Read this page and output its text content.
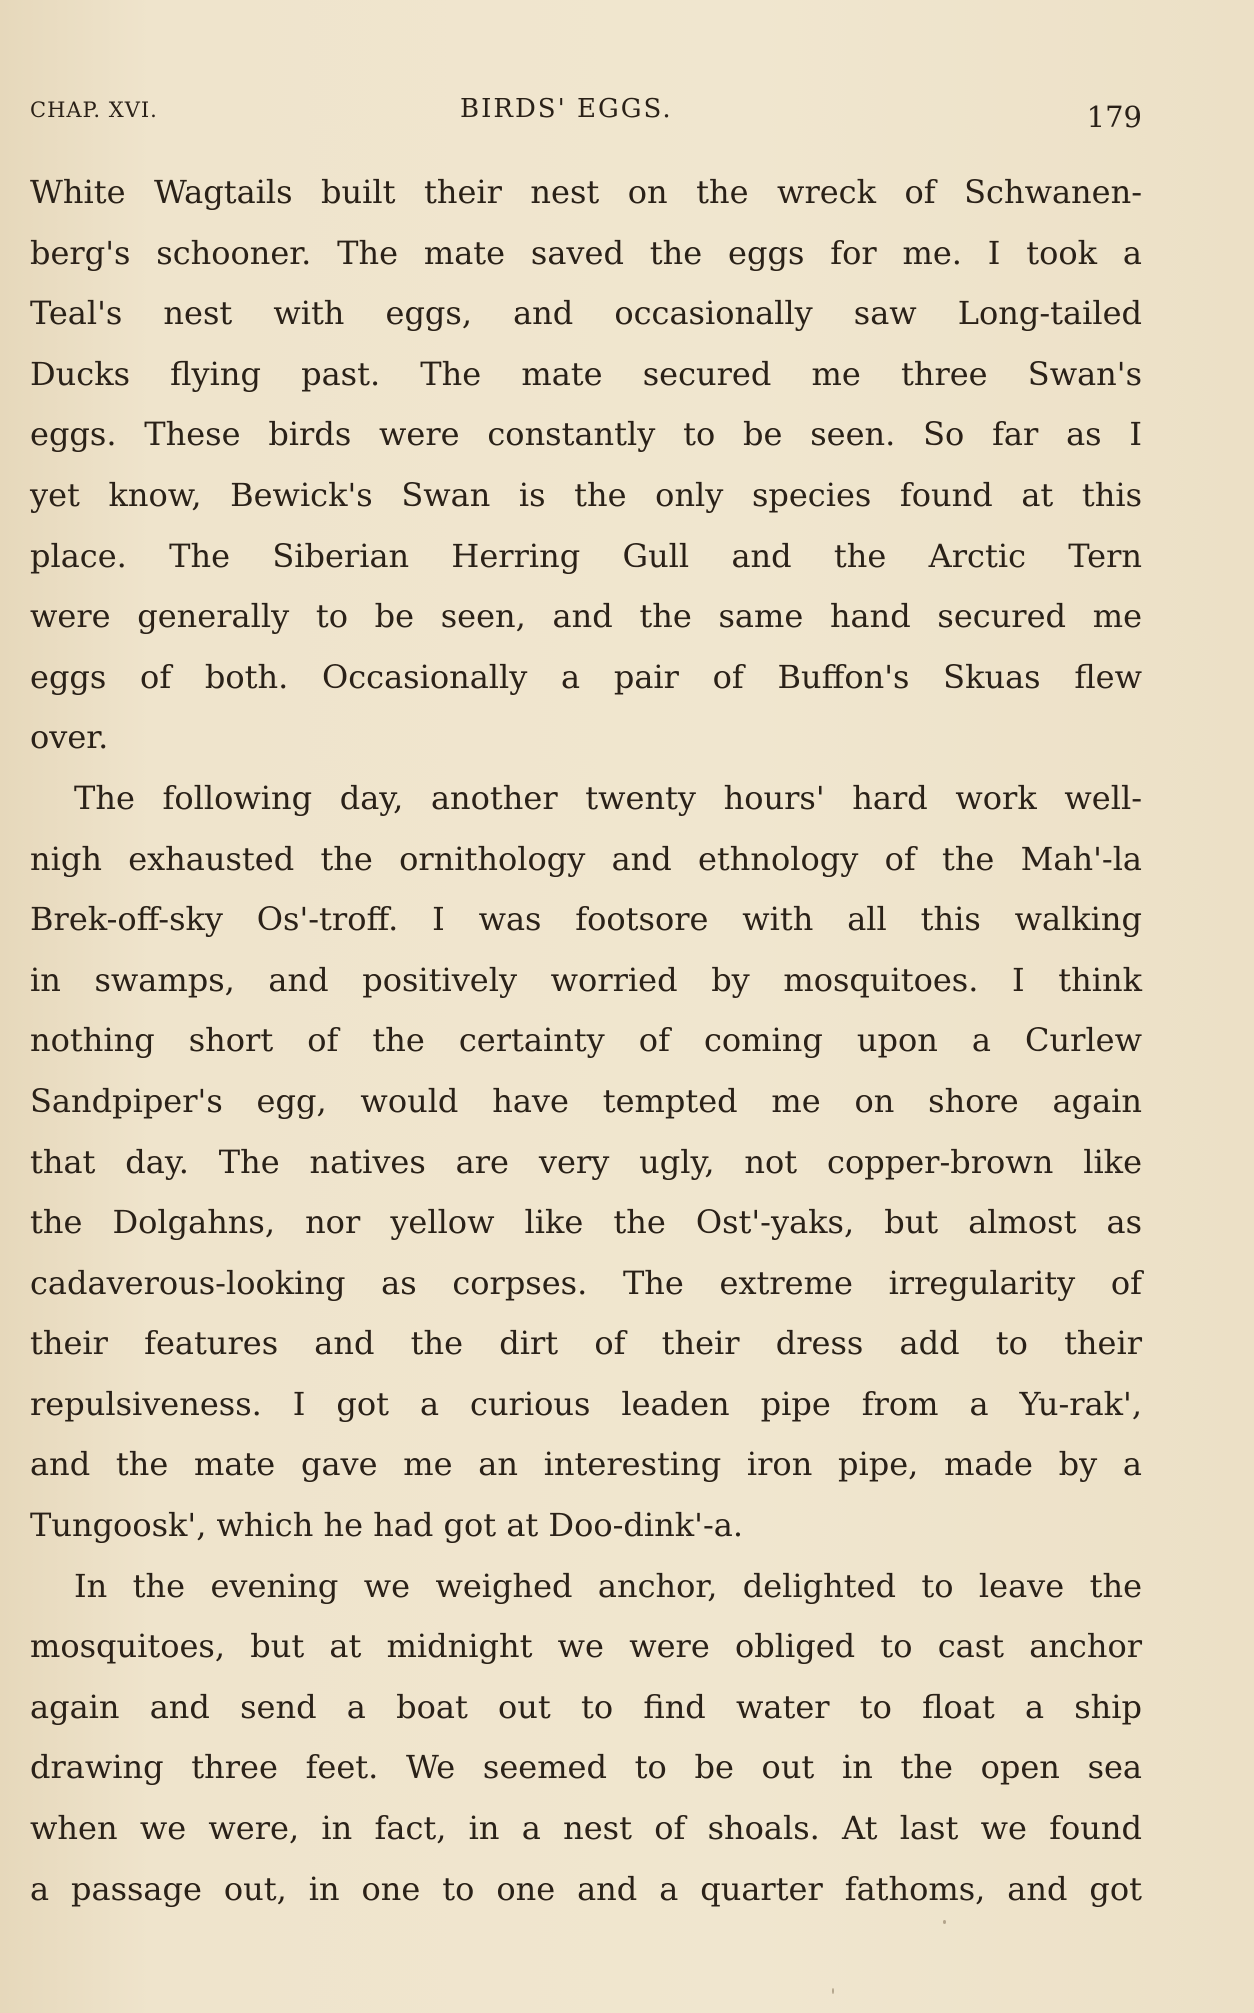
CHAP. XVI.	BIRDS' EGGS.	179
White Wagtails built their nest on the wreck of Schwanen-
berg's schooner. The mate saved the eggs for me. I took a
Teal's nest with eggs, and occasionally saw Long-tailed
Ducks flying past. The mate secured me three Swan's
eggs. These birds were constantly to be seen. So far as I
yet know, Bewick's Swan is the only species found at this
place. The Siberian Herring Gull and the Arctic Tern
were generally to be seen, and the same hand secured me
eggs of both. Occasionally a pair of Buffon's Skuas flew
over.
The following day, another twenty hours' hard work well-
nigh exhausted the ornithology and ethnology of the Mah'-la
Brek-off-sky Os'-troff. I was footsore with all this walking
in swamps, and positively worried by mosquitoes. I think
nothing short of the certainty of coming upon a Curlew
Sandpiper's egg, would have tempted me on shore again
that day. The natives are very ugly, not copper-brown like
the Dolgahns, nor yellow like the Ost'-yaks, but almost as
cadaverous-looking as corpses. The extreme irregularity of
their features and the dirt of their dress add to their
repulsiveness. I got a curious leaden pipe from a Yu-rak',
and the mate gave me an interesting iron pipe, made by a
Tungoosk', which he had got at Doo-dink'-a.
In the evening we weighed anchor, delighted to leave the
mosquitoes, but at midnight we were obliged to cast anchor
again and send a boat out to find water to float a ship
drawing three feet. We seemed to be out in the open sea
when we were, in fact, in a nest of shoals. At last we found
a passage out, in one to one and a quarter fathoms, and got
